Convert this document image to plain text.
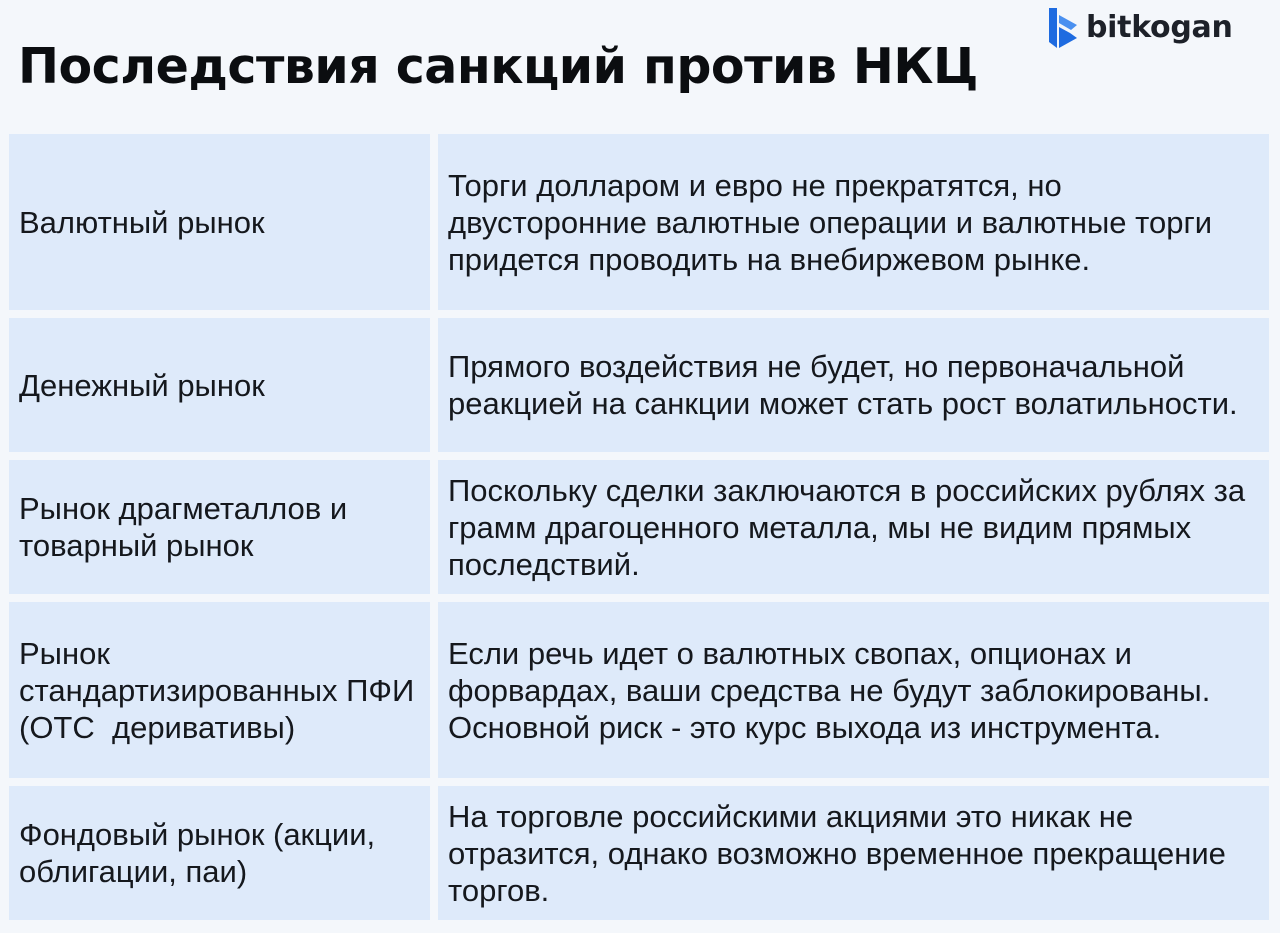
Последствия санкций против НКЦ
bitkogan
Валютный рынок
Торги долларом и евро не прекратятся, но двусторонние валютные операции и валютные торги придется проводить на внебиржевом рынке.
Денежный рынок
Прямого воздействия не будет, но первоначальной реакцией на санкции может стать рост волатильности.
Рынок драгметаллов и товарный рынок
Поскольку сделки заключаются в российских рублях за грамм драгоценного металла, мы не видим прямых последствий.
Рынок стандартизированных ПФИ (ОТС  деривативы)
Если речь идет о валютных свопах, опционах и форвардах, ваши средства не будут заблокированы. Основной риск - это курс выхода из инструмента.
Фондовый рынок (акции, облигации, паи)
На торговле российскими акциями это никак не отразится, однако возможно временное прекращение торгов.
